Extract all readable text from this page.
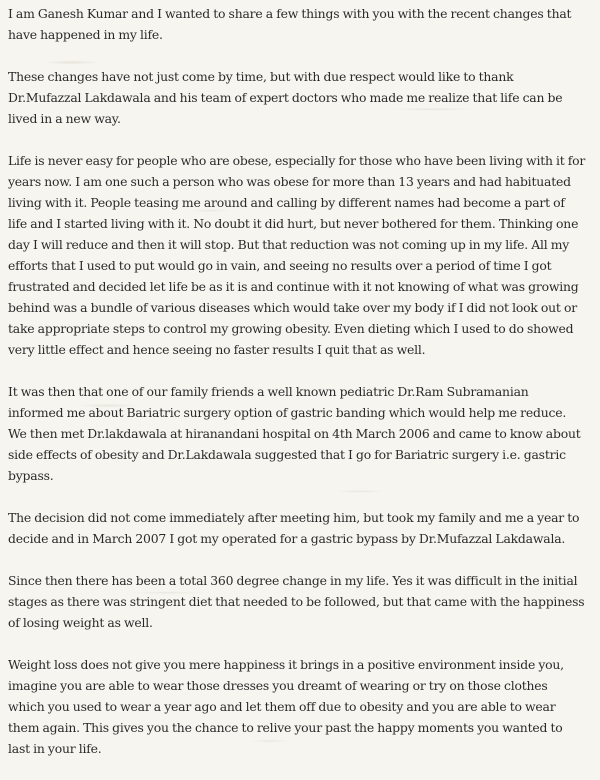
I am Ganesh Kumar and I wanted to share a few things with you with the recent changes that have happened in my life.

These changes have not just come by time, but with due respect would like to thank Dr.Mufazzal Lakdawala and his team of expert doctors who made me realize that life can be lived in a new way.

Life is never easy for people who are obese, especially for those who have been living with it for years now. I am one such a person who was obese for more than 13 years and had habituated living with it. People teasing me around and calling by different names had become a part of life and I started living with it. No doubt it did hurt, but never bothered for them. Thinking one day I will reduce and then it will stop. But that reduction was not coming up in my life. All my efforts that I used to put would go in vain, and seeing no results over a period of time I got frustrated and decided let life be as it is and continue with it not knowing of what was growing behind was a bundle of various diseases which would take over my body if I did not look out or take appropriate steps to control my growing obesity. Even dieting which I used to do showed very little effect and hence seeing no faster results I quit that as well.

It was then that one of our family friends a well known pediatric Dr.Ram Subramanian informed me about Bariatric surgery option of gastric banding which would help me reduce. We then met Dr.lakdawala at hiranandani hospital on 4th March 2006 and came to know about side effects of obesity and Dr.Lakdawala suggested that I go for Bariatric surgery i.e. gastric bypass.

The decision did not come immediately after meeting him, but took my family and me a year to decide and in March 2007 I got my operated for a gastric bypass by Dr.Mufazzal Lakdawala.

Since then there has been a total 360 degree change in my life. Yes it was difficult in the initial stages as there was stringent diet that needed to be followed, but that came with the happiness of losing weight as well.

Weight loss does not give you mere happiness it brings in a positive environment inside you, imagine you are able to wear those dresses you dreamt of wearing or try on those clothes which you used to wear a year ago and let them off due to obesity and you are able to wear them again. This gives you the chance to relive your past the happy moments you wanted to last in your life.
